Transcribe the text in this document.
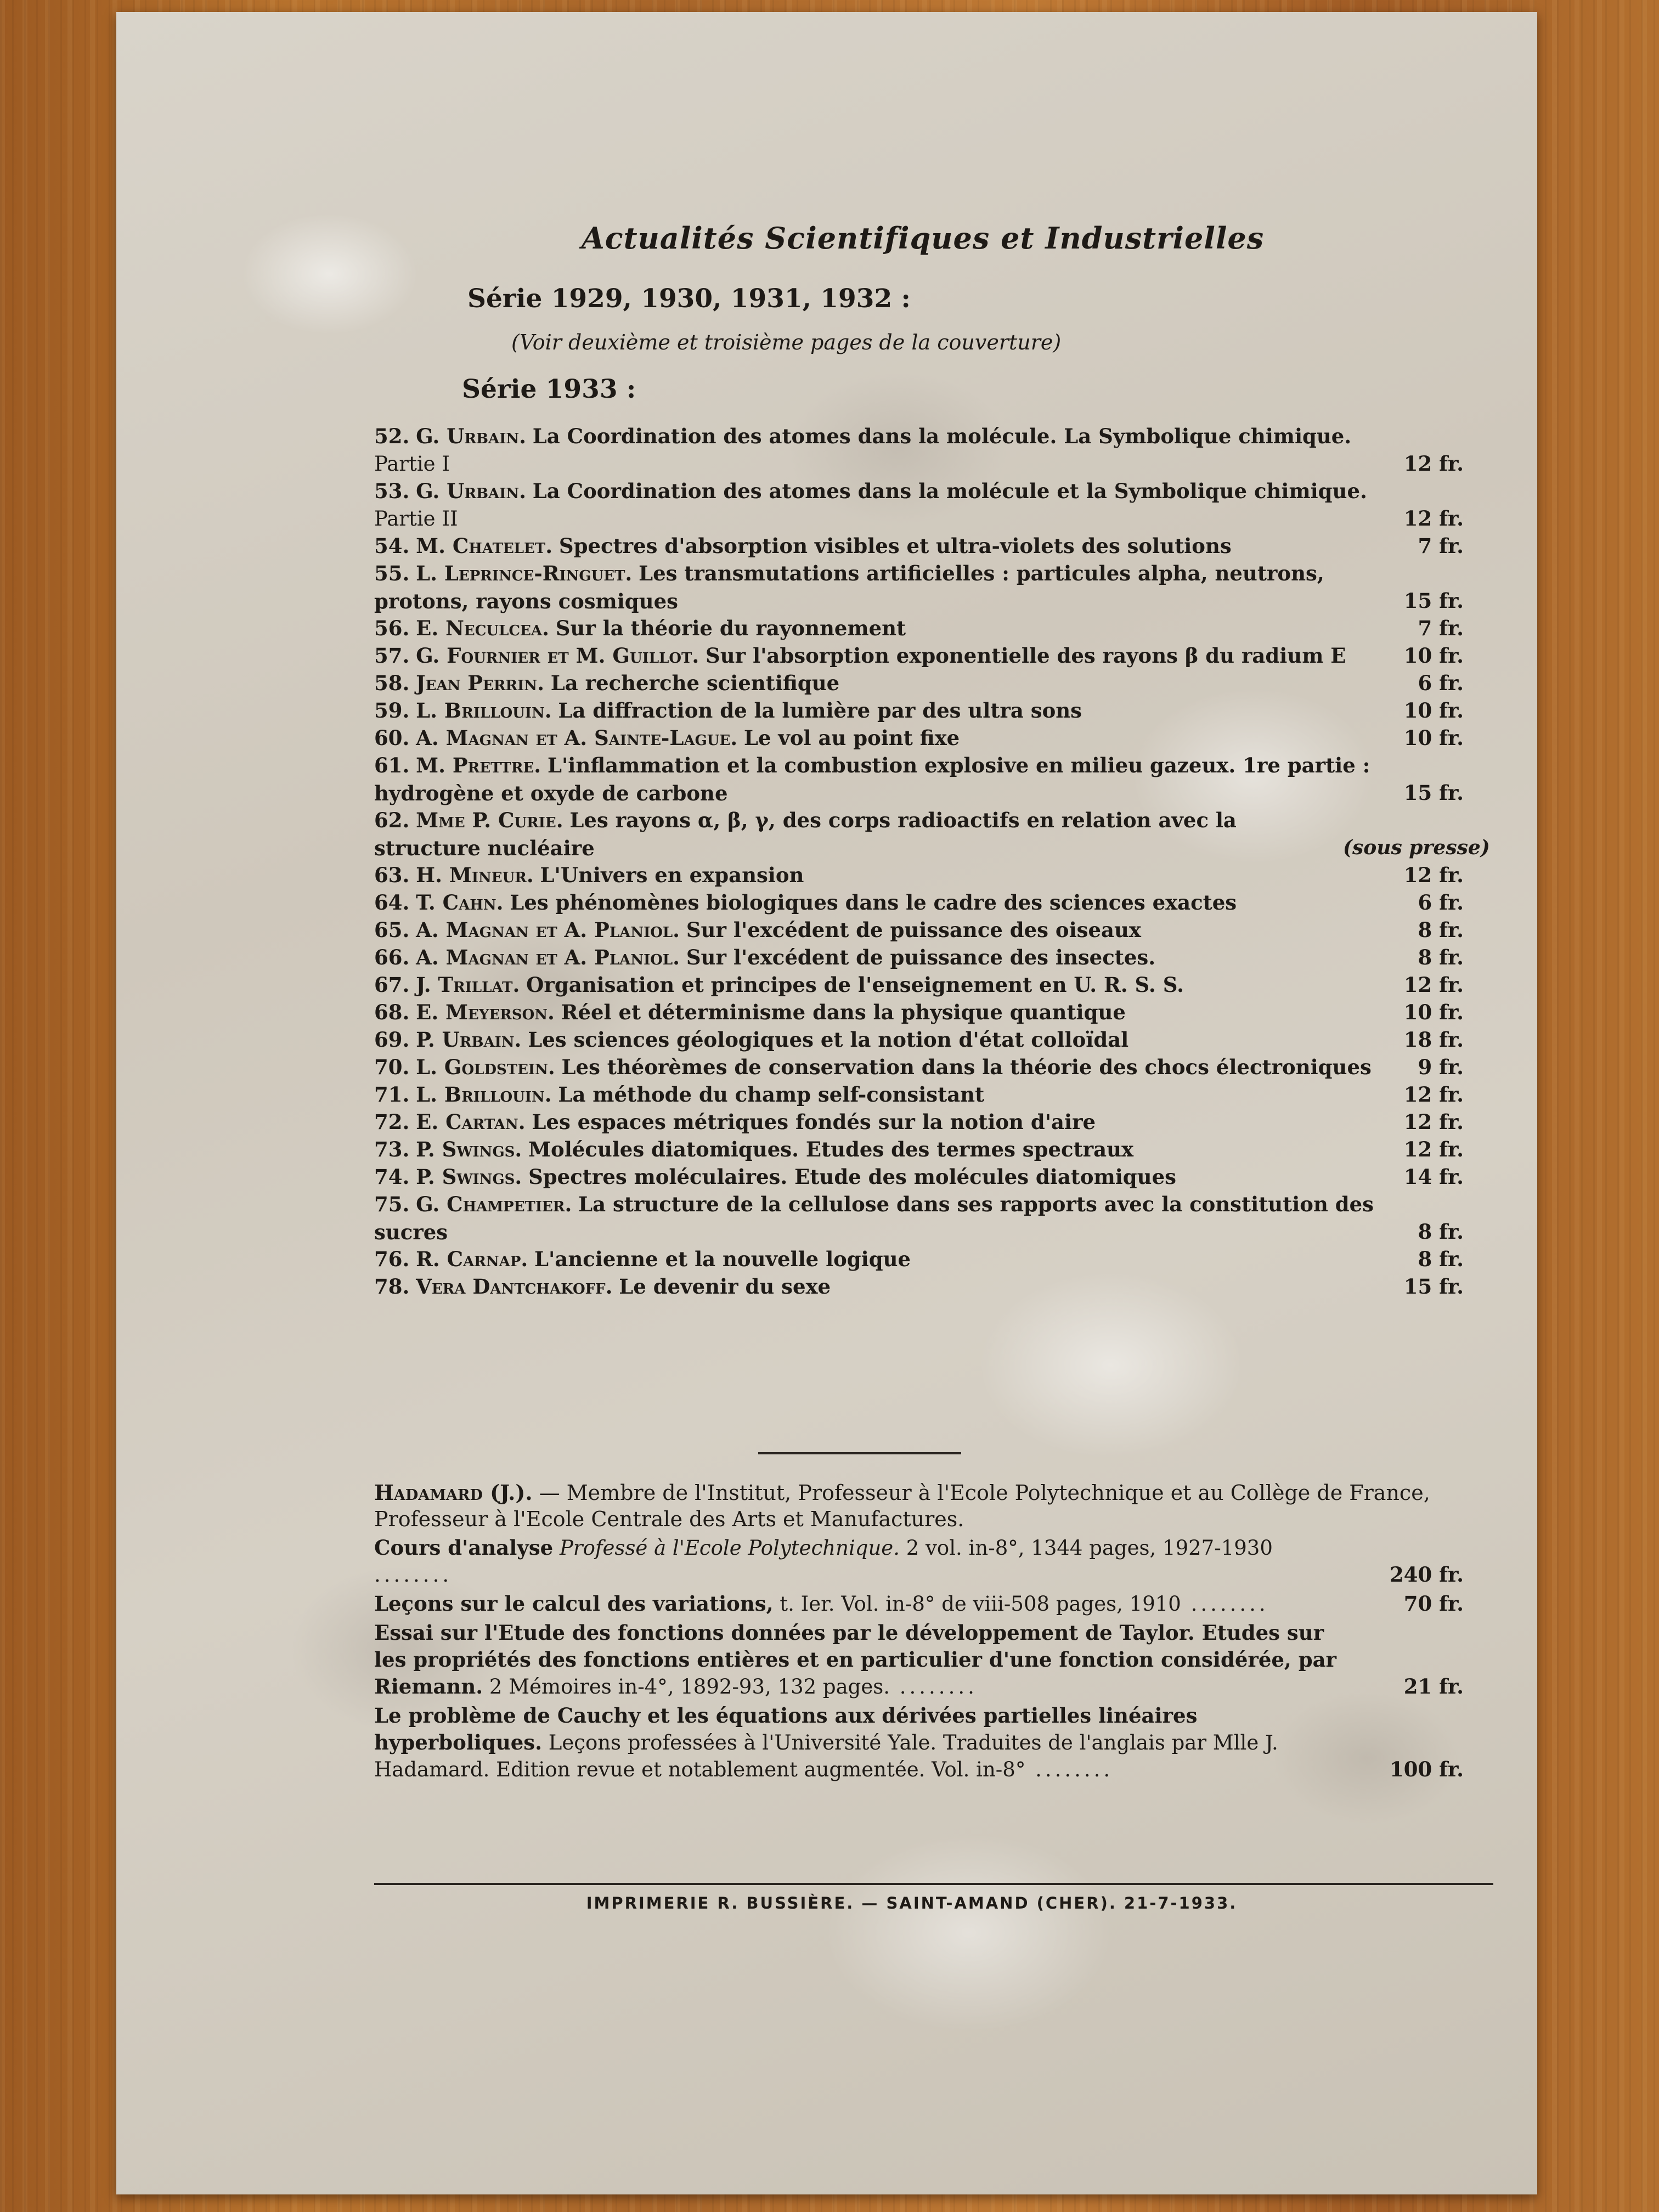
Actualités Scientifiques et Industrielles
Série 1929, 1930, 1931, 1932 :
(Voir deuxième et troisième pages de la couverture)
Série 1933 :
52. G. Urbain. La Coordination des atomes dans la molécule. La Symbolique chimique. Partie I	12 fr.
53. G. Urbain. La Coordination des atomes dans la molécule et la Symbolique chimique. Partie II	12 fr.
54. M. Chatelet. Spectres d'absorption visibles et ultra-violets des solutions	7 fr.
55. L. Leprince-Ringuet. Les transmutations artificielles : particules alpha, neutrons, protons, rayons cosmiques	15 fr.
56. E. Neculcea. Sur la théorie du rayonnement	7 fr.
57. G. Fournier et M. Guillot. Sur l'absorption exponentielle des rayons β du radium E	10 fr.
58. Jean Perrin. La recherche scientifique	6 fr.
59. L. Brillouin. La diffraction de la lumière par des ultra sons	10 fr.
60. A. Magnan et A. Sainte-Lague. Le vol au point fixe	10 fr.
61. M. Prettre. L'inflammation et la combustion explosive en milieu gazeux. 1re partie : hydrogène et oxyde de carbone	15 fr.
62. Mme P. Curie. Les rayons α, β, γ, des corps radioactifs en relation avec la structure nucléaire	(sous presse)
63. H. Mineur. L'Univers en expansion	12 fr.
64. T. Cahn. Les phénomènes biologiques dans le cadre des sciences exactes	6 fr.
65. A. Magnan et A. Planiol. Sur l'excédent de puissance des oiseaux	8 fr.
66. A. Magnan et A. Planiol. Sur l'excédent de puissance des insectes.	8 fr.
67. J. Trillat. Organisation et principes de l'enseignement en U. R. S. S.	12 fr.
68. E. Meyerson. Réel et déterminisme dans la physique quantique	10 fr.
69. P. Urbain. Les sciences géologiques et la notion d'état colloïdal	18 fr.
70. L. Goldstein. Les théorèmes de conservation dans la théorie des chocs électroniques	9 fr.
71. L. Brillouin. La méthode du champ self-consistant	12 fr.
72. E. Cartan. Les espaces métriques fondés sur la notion d'aire	12 fr.
73. P. Swings. Molécules diatomiques. Etudes des termes spectraux	12 fr.
74. P. Swings. Spectres moléculaires. Etude des molécules diatomiques	14 fr.
75. G. Champetier. La structure de la cellulose dans ses rapports avec la constitution des sucres	8 fr.
76. R. Carnap. L'ancienne et la nouvelle logique	8 fr.
78. Vera Dantchakoff. Le devenir du sexe	15 fr.
Hadamard (J.). — Membre de l'Institut, Professeur à l'Ecole Polytechnique et au Collège de France, Professeur à l'Ecole Centrale des Arts et Manufactures.
Cours d'analyse Professé à l'Ecole Polytechnique. 2 vol. in-8°, 1344 pages, 1927-1930 ........	240 fr.
Leçons sur le calcul des variations, t. Ier. Vol. in-8° de viii-508 pages, 1910 ........	70 fr.
Essai sur l'Etude des fonctions données par le développement de Taylor. Etudes sur les propriétés des fonctions entières et en particulier d'une fonction considérée, par Riemann. 2 Mémoires in-4°, 1892-93, 132 pages. ........	21 fr.
Le problème de Cauchy et les équations aux dérivées partielles linéaires hyperboliques. Leçons professées à l'Université Yale. Traduites de l'anglais par Mlle J. Hadamard. Edition revue et notablement augmentée. Vol. in-8° ........	100 fr.
IMPRIMERIE R. BUSSIÈRE. — SAINT-AMAND (CHER). 21-7-1933.
